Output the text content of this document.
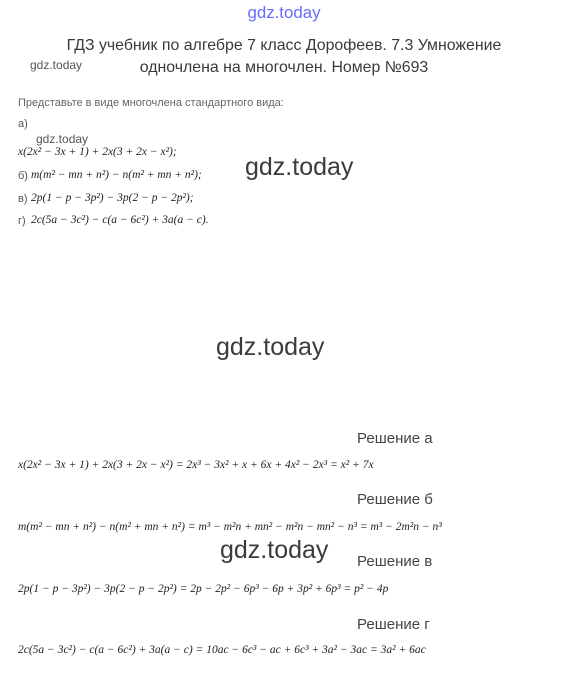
gdz.today
ГДЗ учебник по алгебре 7 класс Дорофеев. 7.3 Умножение
одночлена на многочлен. Номер №693
gdz.today
Представьте в виде многочлена стандартного вида:
а)
gdz.today
x(2x² − 3x + 1) + 2x(3 + 2x − x²);
б) m(m² − mn + n²) − n(m² + mn + n²); gdz.today
в) 2p(1 − p − 3p²) − 3p(2 − p − 2p²);
г) 2c(5a − 3c²) − c(a − 6c²) + 3a(a − c).
gdz.today
Решение а
x(2x² − 3x + 1) + 2x(3 + 2x − x²) = 2x³ − 3x² + x + 6x + 4x² − 2x³ = x² + 7x
Решение б
m(m² − mn + n²) − n(m² + mn + n²) = m³ − m²n + mn² − m²n − mn² − n³ = m³ − 2m²n − n³
gdz.today Решение в
2p(1 − p − 3p²) − 3p(2 − p − 2p²) = 2p − 2p² − 6p³ − 6p + 3p² + 6p³ = p² − 4p
Решение г
2c(5a − 3c²) − c(a − 6c²) + 3a(a − c) = 10ac − 6c³ − ac + 6c³ + 3a² − 3ac = 3a² + 6ac
